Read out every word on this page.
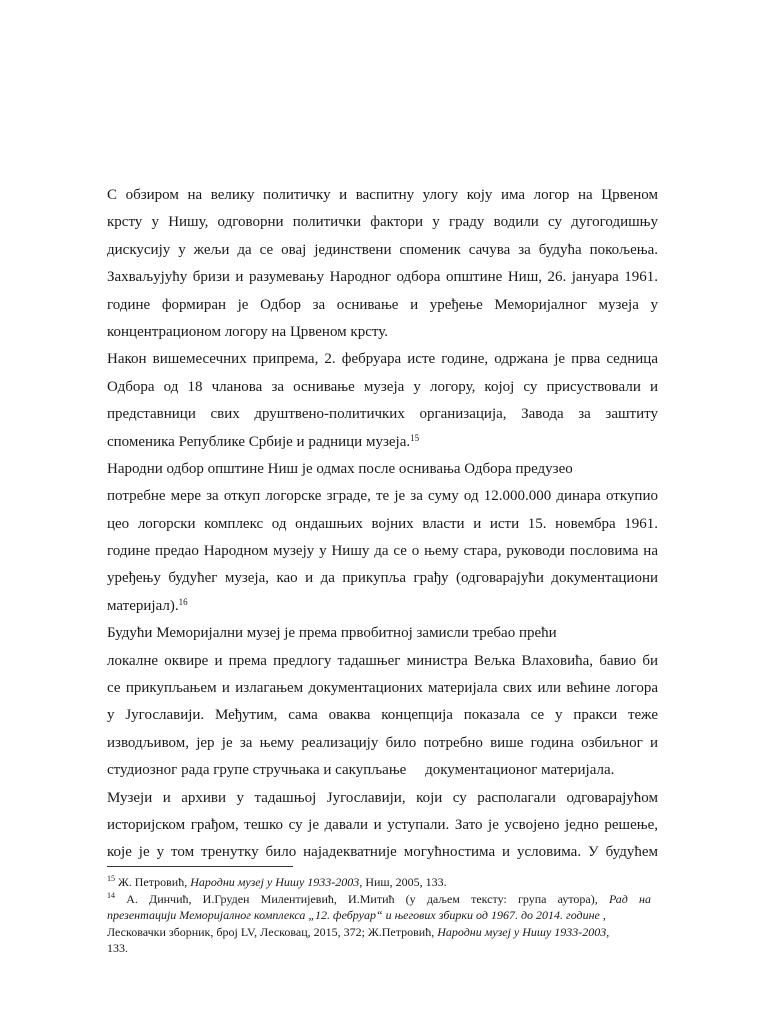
С обзиром на велику политичку и васпитну улогу коју има логор на Црвеном
крсту у Нишу, одговорни политички фактори у граду водили су дугогодишњу
дискусију у жељи да се овај јединствени споменик сачува за будућа покољења.
Захваљујућу бризи и разумевању Народног одбора општине Ниш, 26. јануара 1961.
године формиран је Одбор за оснивање и уређење Меморијалног музеја у
концентрационом логору на Црвеном крсту.
Након вишемесечних припрема, 2. фебруара исте године, одржана је прва седница
Одбора од 18 чланова за оснивање музеја у логору, којој су присуствовали и
представници свих друштвено-политичких организација, Завода за заштиту
споменика Републике Србије и радници музеја.$^{15}$
Народни одбор општине Ниш је одмах после оснивања Одбора предузео
потребне мере за откуп логорске зграде, те је за суму од 12.000.000 динара откупио
цео логорски комплекс од ондашњих војних власти и исти 15. новембра 1961.
године предао Народном музеју у Нишу да се о њему стара, руководи пословима на
уређењу будућег музеја, као и да прикупља грађу (одговарајући документациони
материјал).$^{16}$
Будући Меморијални музеј је према првобитној замисли требао прећи
локалне оквире и према предлогу тадашњег министра Вељка Влаховића, бавио би
се прикупљањем и излагањем документационих материјала свих или већине логора
у Југославији. Међутим, сама оваква концепција показала се у пракси теже
изводљивом, јер је за њему реализацију било потребно више година озбиљног и
студиозног рада групе стручњака и сакупљање     документационог материјала.
Музеји и архиви у тадашњој Југославији, који су располагали одговарајућом
историјском грађом, тешко су је давали и уступали. Зато је усвојено једно решење,
које је у том тренутку било најадекватније могућностима и условима. У будућем
$^{15}$ Ж. Петровић, Народни музеј у Нишу 1933-2003, Ниш, 2005, 133.
$^{14}$ А. Динчић, И.Груден Милентијевић, И.Митић (у даљем тексту: група аутора), Рад на
презентацији Меморијалног комплекса „12. фебруар“ и његових збирки од 1967. до 2014. године ,
Лесковачки зборник, број LV, Лесковац, 2015, 372; Ж.Петровић, Народни музеј у Нишу 1933-2003,
133.
